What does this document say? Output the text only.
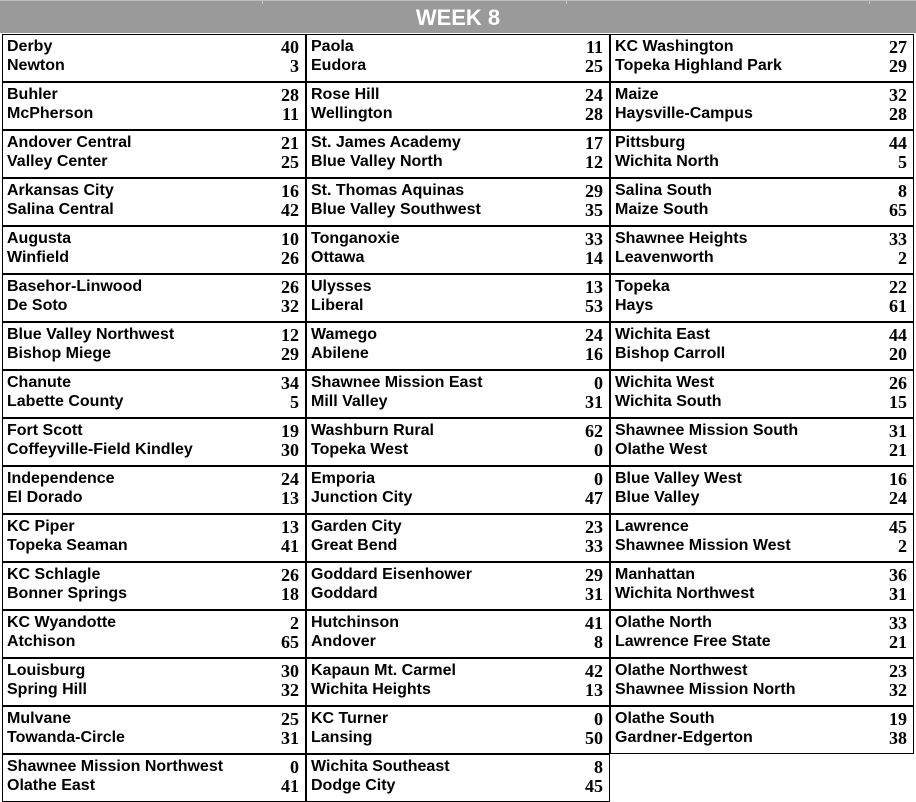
WEEK 8
Derby	40
Newton	3
Buhler	28
McPherson	11
Andover Central	21
Valley Center	25
Arkansas City	16
Salina Central	42
Augusta	10
Winfield	26
Basehor-Linwood	26
De Soto	32
Blue Valley Northwest	12
Bishop Miege	29
Chanute	34
Labette County	5
Fort Scott	19
Coffeyville-Field Kindley	30
Independence	24
El Dorado	13
KC Piper	13
Topeka Seaman	41
KC Schlagle	26
Bonner Springs	18
KC Wyandotte	2
Atchison	65
Louisburg	30
Spring Hill	32
Mulvane	25
Towanda-Circle	31
Shawnee Mission Northwest	0
Olathe East	41
Paola	11
Eudora	25
Rose Hill	24
Wellington	28
St. James Academy	17
Blue Valley North	12
St. Thomas Aquinas	29
Blue Valley Southwest	35
Tonganoxie	33
Ottawa	14
Ulysses	13
Liberal	53
Wamego	24
Abilene	16
Shawnee Mission East	0
Mill Valley	31
Washburn Rural	62
Topeka West	0
Emporia	0
Junction City	47
Garden City	23
Great Bend	33
Goddard Eisenhower	29
Goddard	31
Hutchinson	41
Andover	8
Kapaun Mt. Carmel	42
Wichita Heights	13
KC Turner	0
Lansing	50
Wichita Southeast	8
Dodge City	45
KC Washington	27
Topeka Highland Park	29
Maize	32
Haysville-Campus	28
Pittsburg	44
Wichita North	5
Salina South	8
Maize South	65
Shawnee Heights	33
Leavenworth	2
Topeka	22
Hays	61
Wichita East	44
Bishop Carroll	20
Wichita West	26
Wichita South	15
Shawnee Mission South	31
Olathe West	21
Blue Valley West	16
Blue Valley	24
Lawrence	45
Shawnee Mission West	2
Manhattan	36
Wichita Northwest	31
Olathe North	33
Lawrence Free State	21
Olathe Northwest	23
Shawnee Mission North	32
Olathe South	19
Gardner-Edgerton	38
